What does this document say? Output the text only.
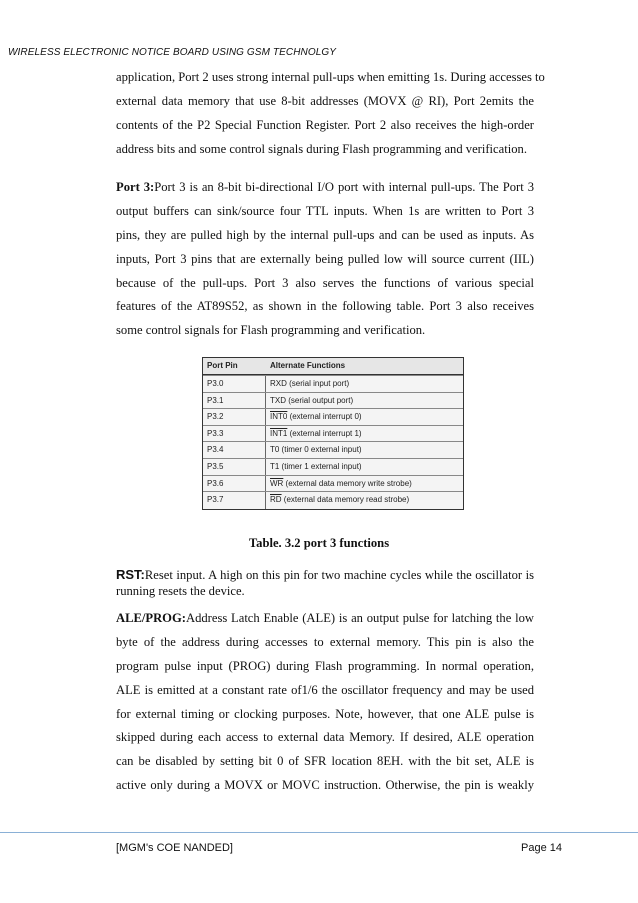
WIRELESS ELECTRONIC NOTICE BOARD USING GSM TECHNOLGY
application, Port 2 uses strong internal pull-ups when emitting 1s. During accesses to
external data memory that use 8-bit addresses (MOVX @ RI), Port 2emits the
contents of the P2 Special Function Register. Port 2 also receives the high-order
address bits and some control signals during Flash programming and verification.
Port 3:Port 3 is an 8-bit bi-directional I/O port with internal pull-ups. The Port 3
output buffers can sink/source four TTL inputs. When 1s are written to Port 3
pins, they are pulled high by the internal pull-ups and can be used as inputs. As
inputs, Port 3 pins that are externally being pulled low will source current (IIL)
because of the pull-ups. Port 3 also serves the functions of various special
features of the AT89S52, as shown in the following table. Port 3 also receives
some control signals for Flash programming and verification.
Port Pin	Alternate Functions
P3.0	RXD (serial input port)
P3.1	TXD (serial output port)
P3.2	INT0 (external interrupt 0)
P3.3	INT1 (external interrupt 1)
P3.4	T0 (timer 0 external input)
P3.5	T1 (timer 1 external input)
P3.6	$\overline{WR}$ (external data memory write strobe)
P3.7	$\overline{RD}$ (external data memory read strobe)
Table. 3.2 port 3 functions
RST:Reset input. A high on this pin for two machine cycles while the oscillator is
running resets the device.
ALE/PROG:Address Latch Enable (ALE) is an output pulse for latching the low
byte of the address during accesses to external memory. This pin is also the
program pulse input (PROG) during Flash programming. In normal operation,
ALE is emitted at a constant rate of1/6 the oscillator frequency and may be used
for external timing or clocking purposes. Note, however, that one ALE pulse is
skipped during each access to external data Memory. If desired, ALE operation
can be disabled by setting bit 0 of SFR location 8EH. with the bit set, ALE is
active only during a MOVX or MOVC instruction. Otherwise, the pin is weakly
[MGM's COE NANDED]	Page 14
